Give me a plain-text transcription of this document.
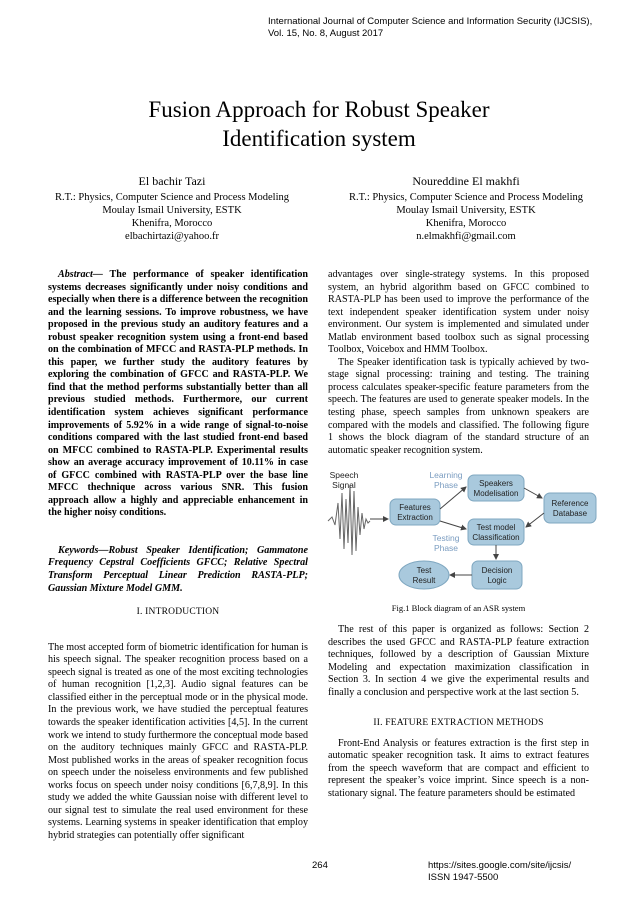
International Journal of Computer Science and Information Security (IJCSIS),
Vol. 15, No. 8, August 2017
Fusion Approach for Robust Speaker
Identification system
El bachir Tazi
R.T.: Physics, Computer Science and Process Modeling
Moulay Ismail University, ESTK
Khenifra, Morocco
elbachirtazi@yahoo.fr
Noureddine El makhfi
R.T.: Physics, Computer Science and Process Modeling
Moulay Ismail University, ESTK
Khenifra, Morocco
n.elmakhfi@gmail.com

Abstract— The performance of speaker identification systems decreases significantly under noisy conditions and especially when there is a difference between the recognition and the learning sessions. To improve robustness, we have proposed in the previous study an auditory features and a robust speaker recognition system using a front-end based on the combination of MFCC and RASTA-PLP methods. In this paper, we further study the auditory features by exploring the combination of GFCC and RASTA-PLP. We find that the method performs substantially better than all previous studied methods. Furthermore, our current identification system achieves significant performance improvements of 5.92% in a wide range of signal-to-noise conditions compared with the last studied front-end based on MFCC combined to RASTA-PLP. Experimental results show an average accuracy improvement of 10.11% in case of GFCC combined with RASTA-PLP over the base line MFCC thechnique across various SNR. This fusion approach allow a highly and appreciable enhancement in the higher noisy conditions.

Keywords—Robust Speaker Identification; Gammatone Frequency Cepstral Coefficients GFCC; Relative Spectral Transform Perceptual Linear Prediction RASTA-PLP; Gaussian Mixture Model GMM.

I. INTRODUCTION

The most accepted form of biometric identification for human is his speech signal. The speaker recognition process based on a speech signal is treated as one of the most exciting technologies of human recognition [1,2,3]. Audio signal features can be classified either in the perceptual mode or in the physical mode. In the previous work, we have studied the perceptual features towards the speaker identification activities [4,5]. In the current work we intend to study furthermore the conceptual mode based on the auditory techniques mainly GFCC and RASTA-PLP. Most published works in the areas of speaker recognition focus on speech under the noiseless environments and few published works focus on speech under noisy conditions [6,7,8,9]. In this study we added the white Gaussian noise with different level to our signal test to simulate the real used environment for these systems. Learning systems in speaker identification that employ hybrid strategies can potentially offer significant

advantages over single-strategy systems. In this proposed system, an hybrid algorithm based on GFCC combined to RASTA-PLP has been used to improve the performance of the text independent speaker identification system under noisy environment. Our system is implemented and simulated under Matlab environment based toolbox such as signal processing Toolbox, Voicebox and HMM Toolbox.

The Speaker identification task is typically achieved by two-stage signal processing: training and testing. The training process calculates speaker-specific feature parameters from the speech. The features are used to generate speaker models. In the testing phase, speech samples from unknown speakers are compared with the models and classified. The following figure 1 shows the block diagram of the standard structure of an automatic speaker recognition system.

Speech Signal
Learning Phase
Testing Phase
Features Extraction
Speakers Modelisation
Reference Database
Test model Classification
Decision Logic
Test Result
Fig.1 Block diagram of an ASR system

The rest of this paper is organized as follows: Section 2 describes the used GFCC and RASTA-PLP feature extraction techniques, followed by a description of Gaussian Mixture Modeling and expectation maximization classification in Section 3. In section 4 we give the experimental results and finally a conclusion and perspective work at the last section 5.

II. FEATURE EXTRACTION METHODS

Front-End Analysis or features extraction is the first step in automatic speaker recognition task. It aims to extract features from the speech waveform that are compact and efficient to represent the speaker’s voice imprint. Since speech is a non-stationary signal. The feature parameters should be estimated

264	https://sites.google.com/site/ijcsis/
ISSN 1947-5500
